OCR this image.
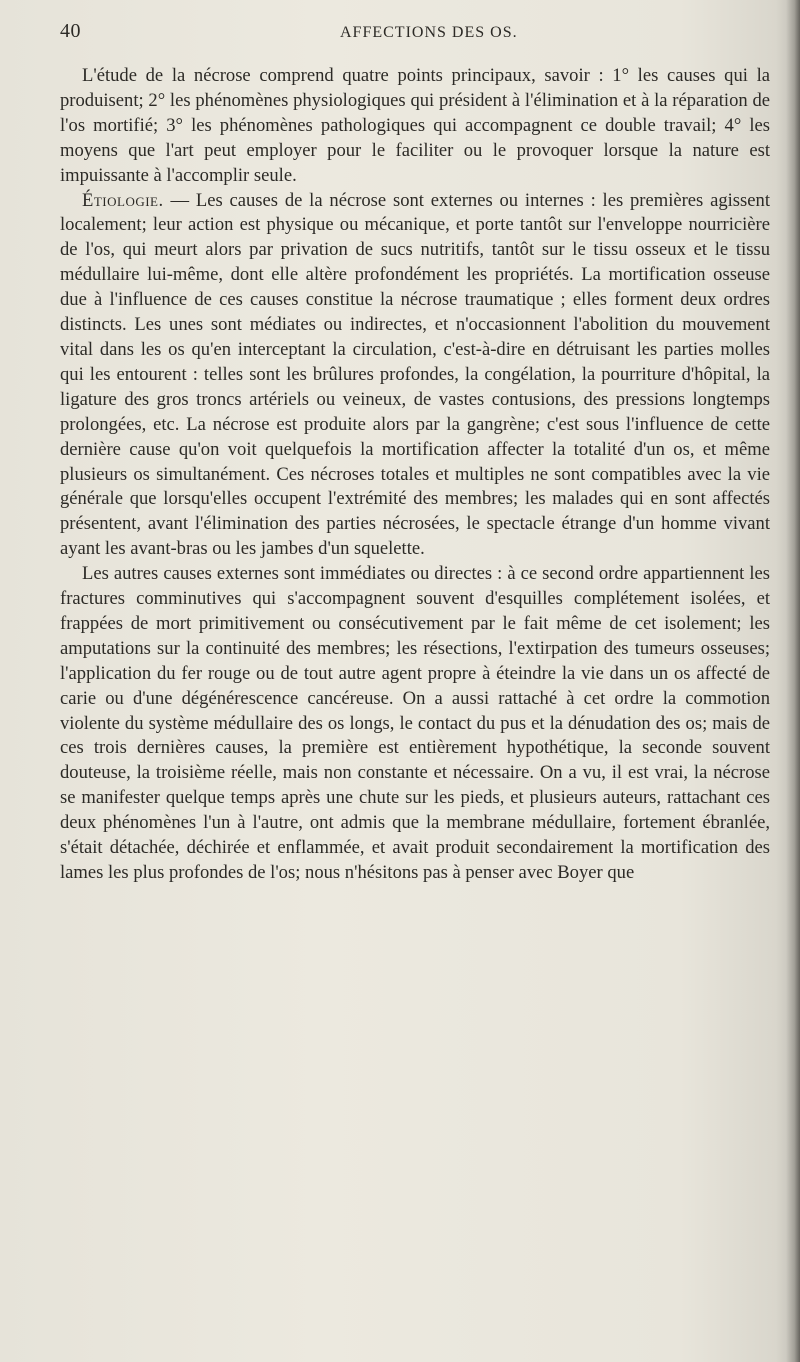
40	AFFECTIONS DES OS.

L'étude de la nécrose comprend quatre points principaux, savoir : 1° les causes qui la produisent; 2° les phénomènes physiologiques qui président à l'élimination et à la réparation de l'os mortifié; 3° les phénomènes pathologiques qui accompagnent ce double travail; 4° les moyens que l'art peut employer pour le faciliter ou le provoquer lorsque la nature est impuissante à l'accomplir seule.

Étiologie. — Les causes de la nécrose sont externes ou internes : les premières agissent localement; leur action est physique ou mécanique, et porte tantôt sur l'enveloppe nourricière de l'os, qui meurt alors par privation de sucs nutritifs, tantôt sur le tissu osseux et le tissu médullaire lui-même, dont elle altère profondément les propriétés. La mortification osseuse due à l'influence de ces causes constitue la nécrose traumatique ; elles forment deux ordres distincts. Les unes sont médiates ou indirectes, et n'occasionnent l'abolition du mouvement vital dans les os qu'en interceptant la circulation, c'est-à-dire en détruisant les parties molles qui les entourent : telles sont les brûlures profondes, la congélation, la pourriture d'hôpital, la ligature des gros troncs artériels ou veineux, de vastes contusions, des pressions longtemps prolongées, etc. La nécrose est produite alors par la gangrène; c'est sous l'influence de cette dernière cause qu'on voit quelquefois la mortification affecter la totalité d'un os, et même plusieurs os simultanément. Ces nécroses totales et multiples ne sont compatibles avec la vie générale que lorsqu'elles occupent l'extrémité des membres; les malades qui en sont affectés présentent, avant l'élimination des parties nécrosées, le spectacle étrange d'un homme vivant ayant les avant-bras ou les jambes d'un squelette.

Les autres causes externes sont immédiates ou directes : à ce second ordre appartiennent les fractures comminutives qui s'accompagnent souvent d'esquilles complétement isolées, et frappées de mort primitivement ou consécutivement par le fait même de cet isolement; les amputations sur la continuité des membres; les résections, l'extirpation des tumeurs osseuses; l'application du fer rouge ou de tout autre agent propre à éteindre la vie dans un os affecté de carie ou d'une dégénérescence cancéreuse. On a aussi rattaché à cet ordre la commotion violente du système médullaire des os longs, le contact du pus et la dénudation des os; mais de ces trois dernières causes, la première est entièrement hypothétique, la seconde souvent douteuse, la troisième réelle, mais non constante et nécessaire. On a vu, il est vrai, la nécrose se manifester quelque temps après une chute sur les pieds, et plusieurs auteurs, rattachant ces deux phénomènes l'un à l'autre, ont admis que la membrane médullaire, fortement ébranlée, s'était détachée, déchirée et enflammée, et avait produit secondairement la mortification des lames les plus profondes de l'os; nous n'hésitons pas à penser avec Boyer que
